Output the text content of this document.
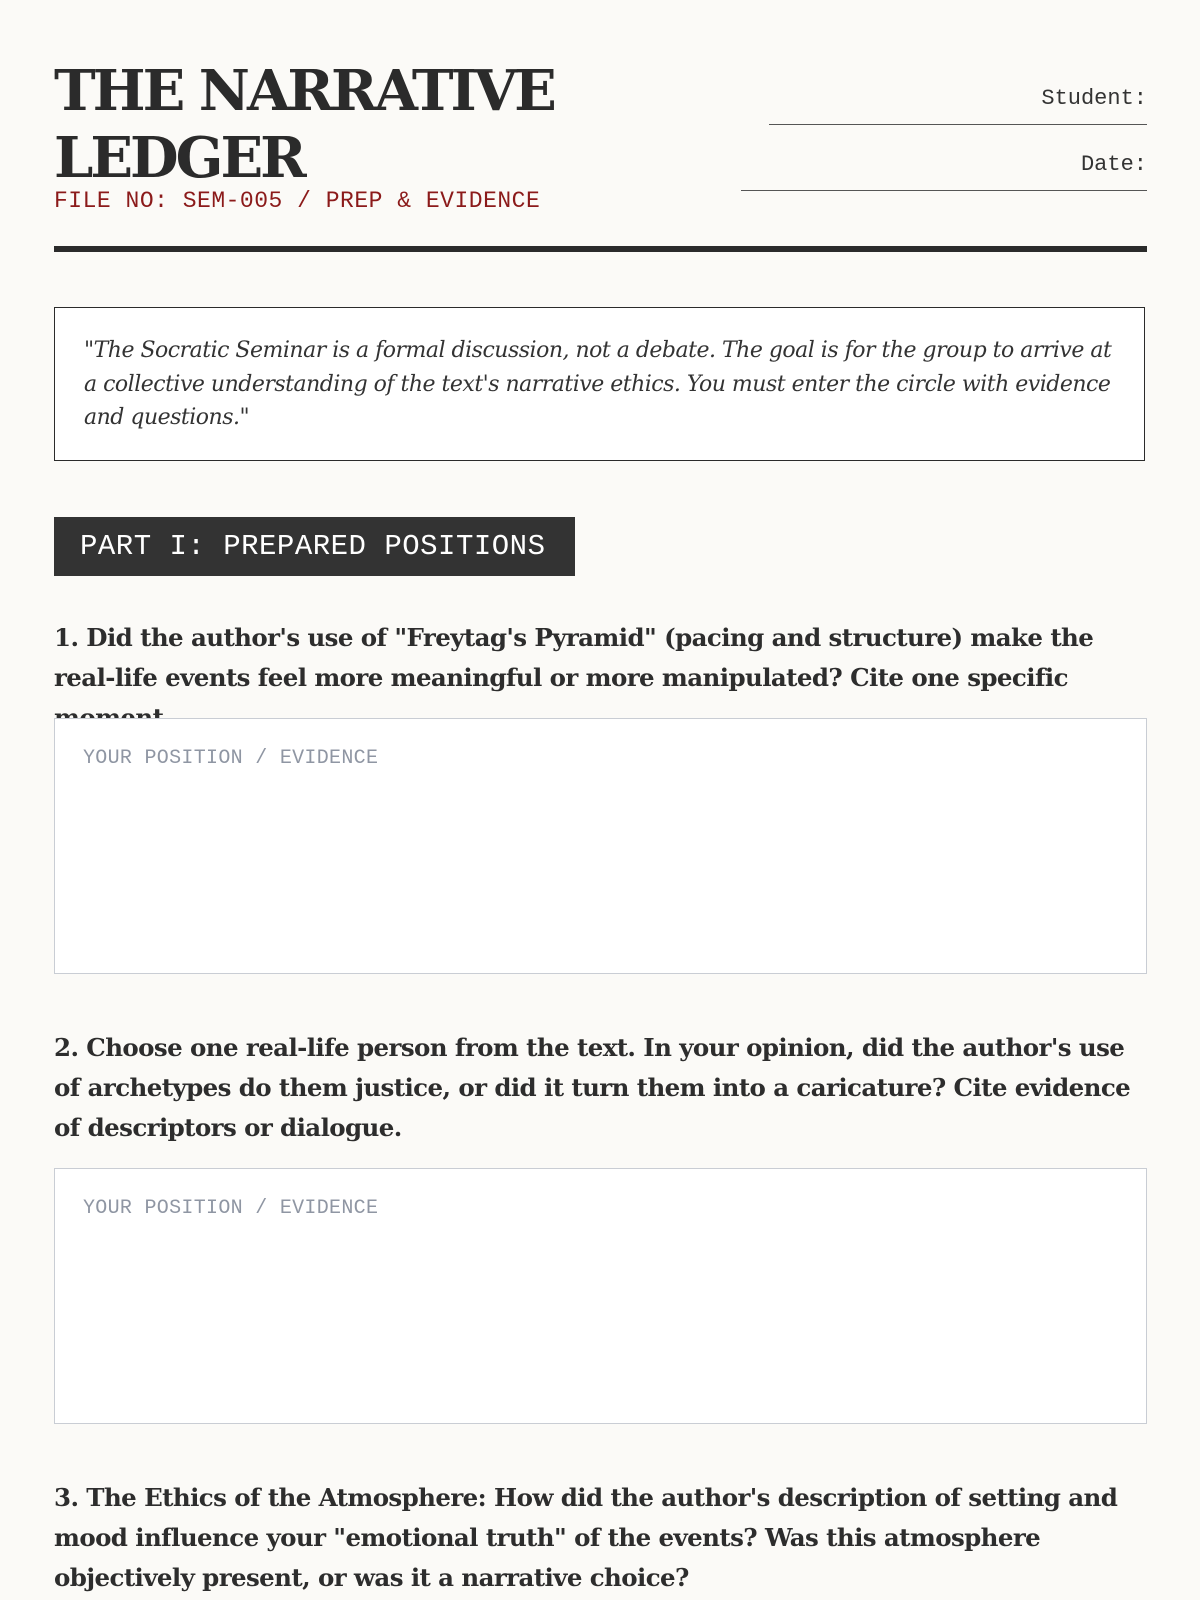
THE NARRATIVE
LEDGER
FILE NO: SEM-005 / PREP & EVIDENCE
Student:
Date:
"The Socratic Seminar is a formal discussion, not a debate. The goal is for the group to arrive at a collective understanding of the text's narrative ethics. You must enter the circle with evidence and questions."
PART I: PREPARED POSITIONS

1. Did the author's use of "Freytag's Pyramid" (pacing and structure) make the real-life events feel more meaningful or more manipulated? Cite one specific

YOUR POSITION / EVIDENCE

2. Choose one real-life person from the text. In your opinion, did the author's use of archetypes do them justice, or did it turn them into a caricature? Cite evidence of descriptors or dialogue.

YOUR POSITION / EVIDENCE

3. The Ethics of the Atmosphere: How did the author's description of setting and mood influence your "emotional truth" of the events? Was this atmosphere objectively present, or was it a narrative choice?
